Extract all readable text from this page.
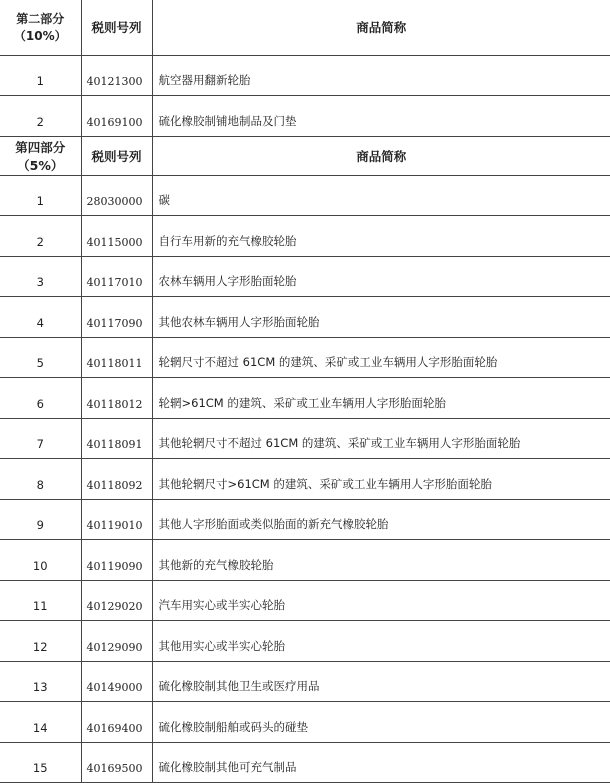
第二部分（10%）	税则号列	商品简称
1	40121300	航空器用翻新轮胎
2	40169100	硫化橡胶制铺地制品及门垫
第四部分（5%）	税则号列	商品简称
1	28030000	碳
2	40115000	自行车用新的充气橡胶轮胎
3	40117010	农林车辆用人字形胎面轮胎
4	40117090	其他农林车辆用人字形胎面轮胎
5	40118011	轮辋尺寸不超过 61CM 的建筑、采矿或工业车辆用人字形胎面轮胎
6	40118012	轮辋>61CM 的建筑、采矿或工业车辆用人字形胎面轮胎
7	40118091	其他轮辋尺寸不超过 61CM 的建筑、采矿或工业车辆用人字形胎面轮胎
8	40118092	其他轮辋尺寸>61CM 的建筑、采矿或工业车辆用人字形胎面轮胎
9	40119010	其他人字形胎面或类似胎面的新充气橡胶轮胎
10	40119090	其他新的充气橡胶轮胎
11	40129020	汽车用实心或半实心轮胎
12	40129090	其他用实心或半实心轮胎
13	40149000	硫化橡胶制其他卫生或医疗用品
14	40169400	硫化橡胶制船舶或码头的碰垫
15	40169500	硫化橡胶制其他可充气制品
